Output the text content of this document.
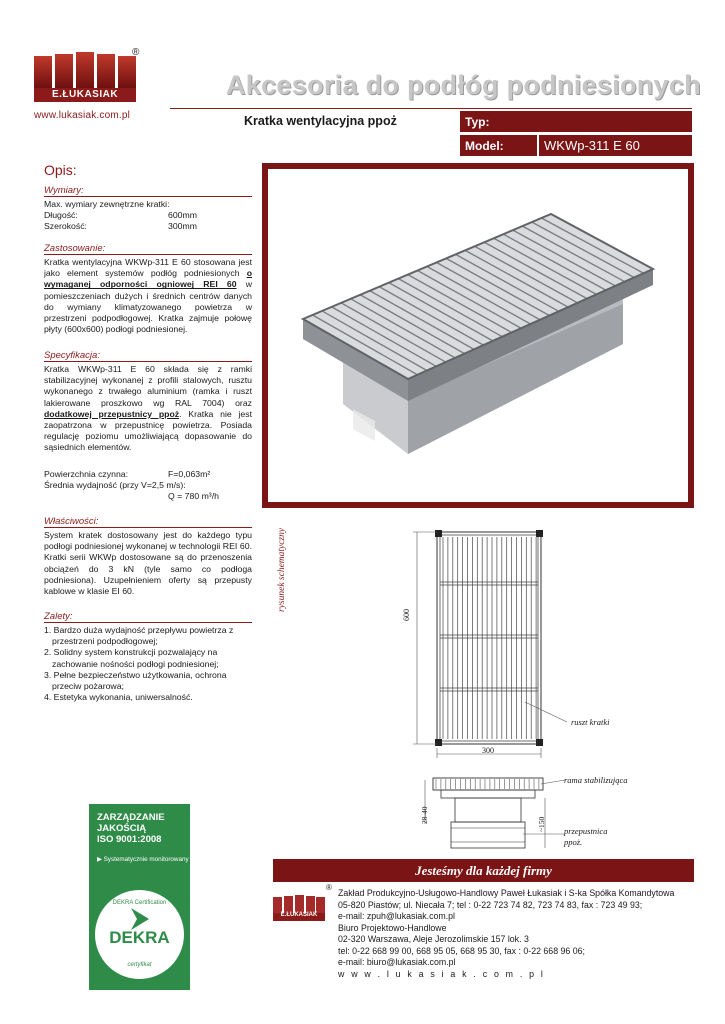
E.ŁUKASIAK
®
www.lukasiak.com.pl
Akcesoria do podłóg podniesionych
Kratka wentylacyjna ppoż	Typ:
Model:	WKWp-311 E 60
Opis:
Wymiary:
Max. wymiary zewnętrzne kratki:
Długość:	600mm
Szerokość:	300mm
Zastosowanie:
Kratka wentylacyjna WKWp-311 E 60 stosowana jest jako element systemów podłóg podniesionych o wymaganej odporności ogniowej REI 60 w pomieszczeniach dużych i średnich centrów danych do wymiany klimatyzowanego powietrza w przestrzeni podpodłogowej. Kratka zajmuje połowę płyty (600x600) podłogi podniesionej.
Specyfikacja:
Kratka WKWp-311 E 60 składa się z ramki stabilizacyjnej wykonanej z profili stalowych, rusztu wykonanego z trwałego aluminium (ramka i ruszt lakierowane proszkowo wg RAL 7004) oraz dodatkowej przepustnicy ppoż. Kratka nie jest zaopatrzona w przepustnicę powietrza. Posiada regulację poziomu umożliwiającą dopasowanie do sąsiednich elementów.
Powierzchnia czynna:	F=0,063m²
Średnia wydajność (przy V=2,5 m/s):
Q = 780 m³/h
Właściwości:
System kratek dostosowany jest do każdego typu podłogi podniesionej wykonanej w technologii REI 60. Kratki serii WKWp dostosowane są do przenoszenia obciążeń do 3 kN (tyle samo co podłoga podniesiona). Uzupełnieniem oferty są przepusty kablowe w klasie EI 60.
Zalety:
1. Bardzo duża wydajność przepływu powietrza z przestrzeni podpodłogowej;
2. Solidny system konstrukcji pozwalający na zachowanie nośności podłogi podniesionej;
3. Pełne bezpieczeństwo użytkowania, ochrona przeciw pożarowa;
4. Estetyka wykonania, uniwersalność.
rysunek schematyczny
600
300
ruszt kratki
rama stabilizująca
28-40
~150 przepustnica
ppoż.
ZARZĄDZANIE
JAKOŚCIĄ
ISO 9001:2008
▶ Systematycznie monitorowany
DEKRA Certification
DEKRA
certyfikat
Jesteśmy dla każdej firmy
E.ŁUKASIAK
®
Zakład Produkcyjno-Usługowo-Handlowy Paweł Łukasiak i S-ka Spółka Komandytowa
05-820 Piastów; ul. Niecała 7; tel : 0-22 723 74 82, 723 74 83, fax : 723 49 93;
e-mail: zpuh@lukasiak.com.pl
Biuro Projektowo-Handlowe
02-320 Warszawa, Aleje Jerozolimskie 157 lok. 3
tel: 0-22 668 99 00, 668 95 05, 668 95 30, fax : 0-22 668 96 06;
e-mail: biuro@lukasiak.com.pl
w w w . l u k a s i a k . c o m . p l
